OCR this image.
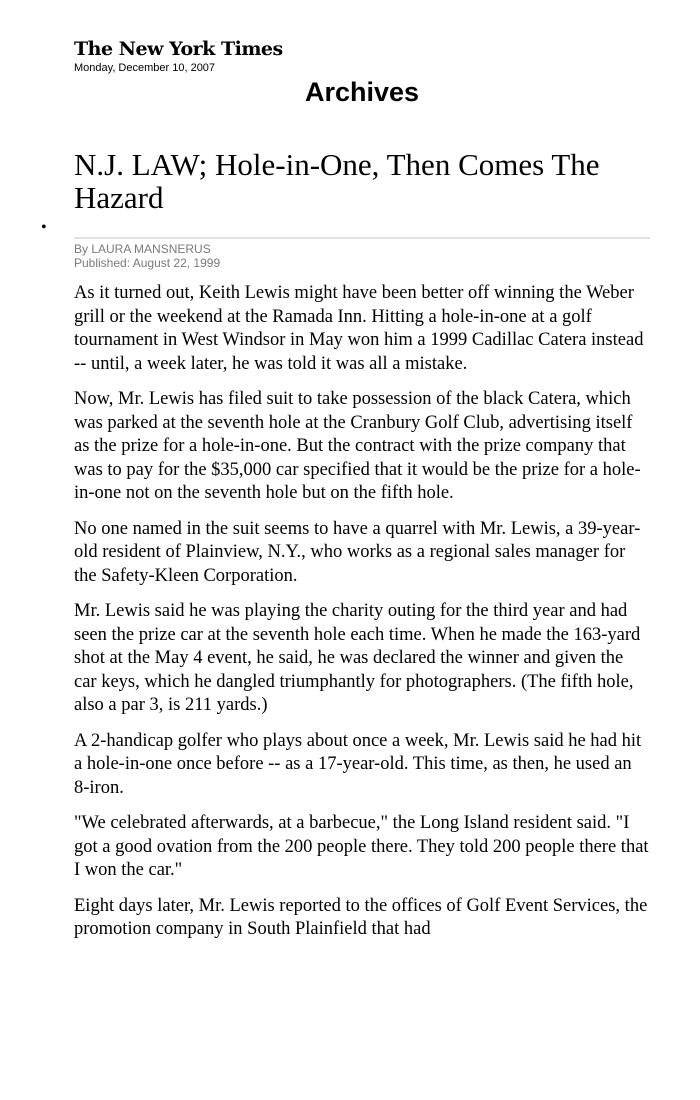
The New York Times
Monday, December 10, 2007
Archives
N.J. LAW; Hole-in-One, Then Comes The Hazard
•
By LAURA MANSNERUS
Published: August 22, 1999

As it turned out, Keith Lewis might have been better off winning the Weber grill or the weekend at the Ramada Inn. Hitting a hole-in-one at a golf tournament in West Windsor in May won him a 1999 Cadillac Catera instead -- until, a week later, he was told it was all a mistake.

Now, Mr. Lewis has filed suit to take possession of the black Catera, which was parked at the seventh hole at the Cranbury Golf Club, advertising itself as the prize for a hole-in-one. But the contract with the prize company that was to pay for the $35,000 car specified that it would be the prize for a hole-in-one not on the seventh hole but on the fifth hole.

No one named in the suit seems to have a quarrel with Mr. Lewis, a 39-year-old resident of Plainview, N.Y., who works as a regional sales manager for the Safety-Kleen Corporation.

Mr. Lewis said he was playing the charity outing for the third year and had seen the prize car at the seventh hole each time. When he made the 163-yard shot at the May 4 event, he said, he was declared the winner and given the car keys, which he dangled triumphantly for photographers. (The fifth hole, also a par 3, is 211 yards.)

A 2-handicap golfer who plays about once a week, Mr. Lewis said he had hit a hole-in-one once before -- as a 17-year-old. This time, as then, he used an 8-iron.

"We celebrated afterwards, at a barbecue," the Long Island resident said. "I got a good ovation from the 200 people there. They told 200 people there that I won the car."

Eight days later, Mr. Lewis reported to the offices of Golf Event Services, the promotion company in South Plainfield that had
